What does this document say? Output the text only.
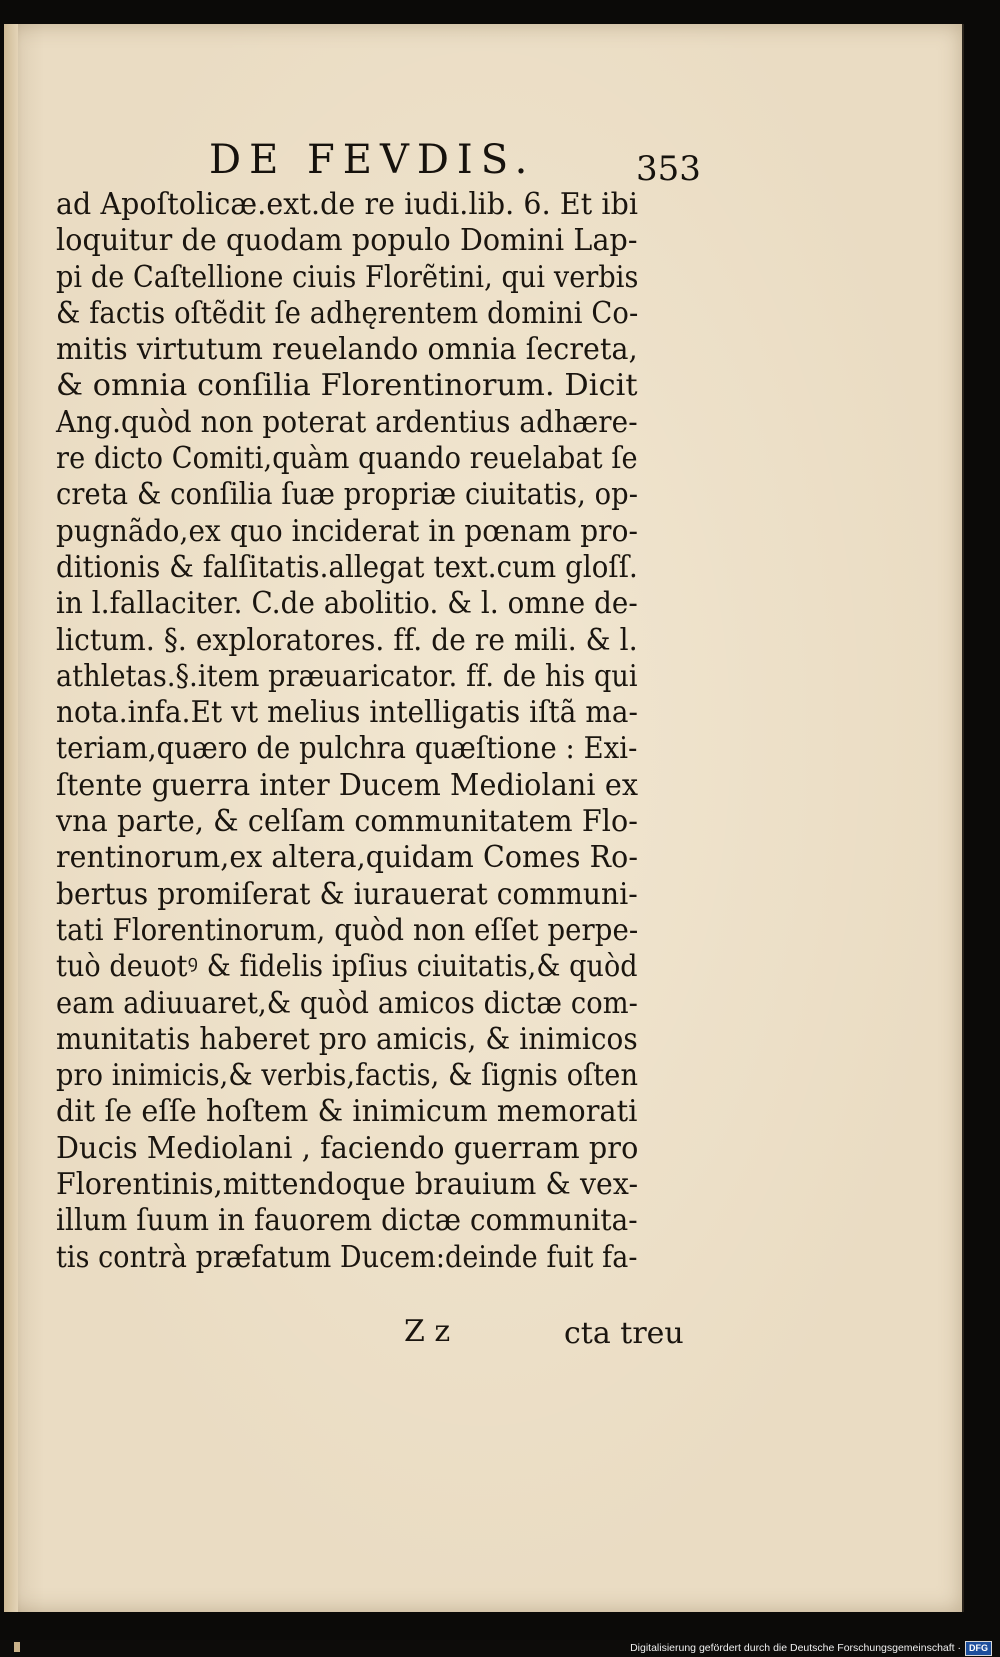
DE FEVDIS.	353
ad Apoſtolicæ.ext.de re iudi.lib. 6. Et ibi
loquitur de quodam populo Domini Lap-
pi de Caſtellione ciuis Florẽtini, qui verbis
& factis oſtẽdit ſe adhęrentem domini Co-
mitis virtutum reuelando omnia ſecreta,
& omnia conſilia Florentinorum. Dicit
Ang.quòd non poterat ardentius adhære-
re dicto Comiti,quàm quando reuelabat ſe
creta & conſilia ſuæ propriæ ciuitatis, op-
pugnãdo,ex quo inciderat in pœnam pro-
ditionis & falſitatis.allegat text.cum gloſſ.
in l.fallaciter. C.de abolitio. & l. omne de-
lictum. §. exploratores. ff. de re mili. & l.
athletas.§.item præuaricator. ff. de his qui
nota.infa.Et vt melius intelligatis iſtã ma-
teriam,quæro de pulchra quæſtione : Exi-
ſtente guerra inter Ducem Mediolani ex
vna parte, & celſam communitatem Flo-
rentinorum,ex altera,quidam Comes Ro-
bertus promiſerat & iurauerat communi-
tati Florentinorum, quòd non eſſet perpe-
tuò deuotꝰ & fidelis ipſius ciuitatis,& quòd
eam adiuuaret,& quòd amicos dictæ com-
munitatis haberet pro amicis, & inimicos
pro inimicis,& verbis,factis, & ſignis oſten
dit ſe eſſe hoſtem & inimicum memorati
Ducis Mediolani , faciendo guerram pro
Florentinis,mittendoque brauium & vex-
illum ſuum in fauorem dictæ communita-
tis contrà præfatum Ducem:deinde fuit fa-
Z z	cta treu
Digitalisierung gefördert durch die Deutsche Forschungsgemeinschaft · DFG
